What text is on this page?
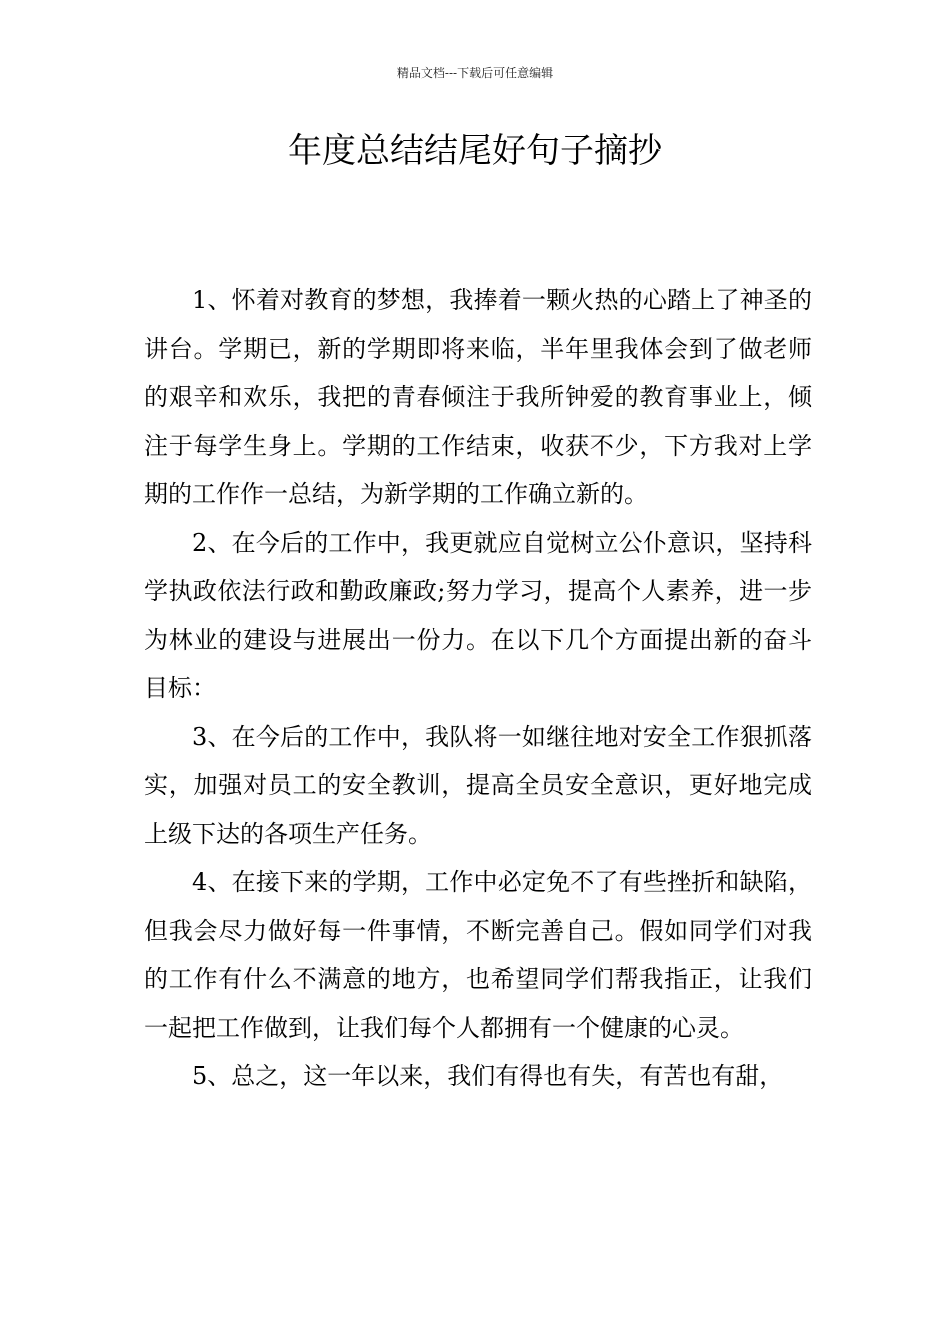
精品文档---下载后可任意编辑
年度总结结尾好句子摘抄

1、怀着对教育的梦想，我捧着一颗火热的心踏上了神圣的讲台。学期已，新的学期即将来临，半年里我体会到了做老师的艰辛和欢乐，我把的青春倾注于我所钟爱的教育事业上，倾注于每学生身上。学期的工作结束，收获不少，下方我对上学期的工作作一总结，为新学期的工作确立新的。

2、在今后的工作中，我更就应自觉树立公仆意识，坚持科学执政依法行政和勤政廉政;努力学习，提高个人素养，进一步为林业的建设与进展出一份力。在以下几个方面提出新的奋斗目标：

3、在今后的工作中，我队将一如继往地对安全工作狠抓落实，加强对员工的安全教训，提高全员安全意识，更好地完成上级下达的各项生产任务。

4、在接下来的学期，工作中必定免不了有些挫折和缺陷，但我会尽力做好每一件事情，不断完善自己。假如同学们对我的工作有什么不满意的地方，也希望同学们帮我指正，让我们一起把工作做到，让我们每个人都拥有一个健康的心灵。

5、总之，这一年以来，我们有得也有失，有苦也有甜，
